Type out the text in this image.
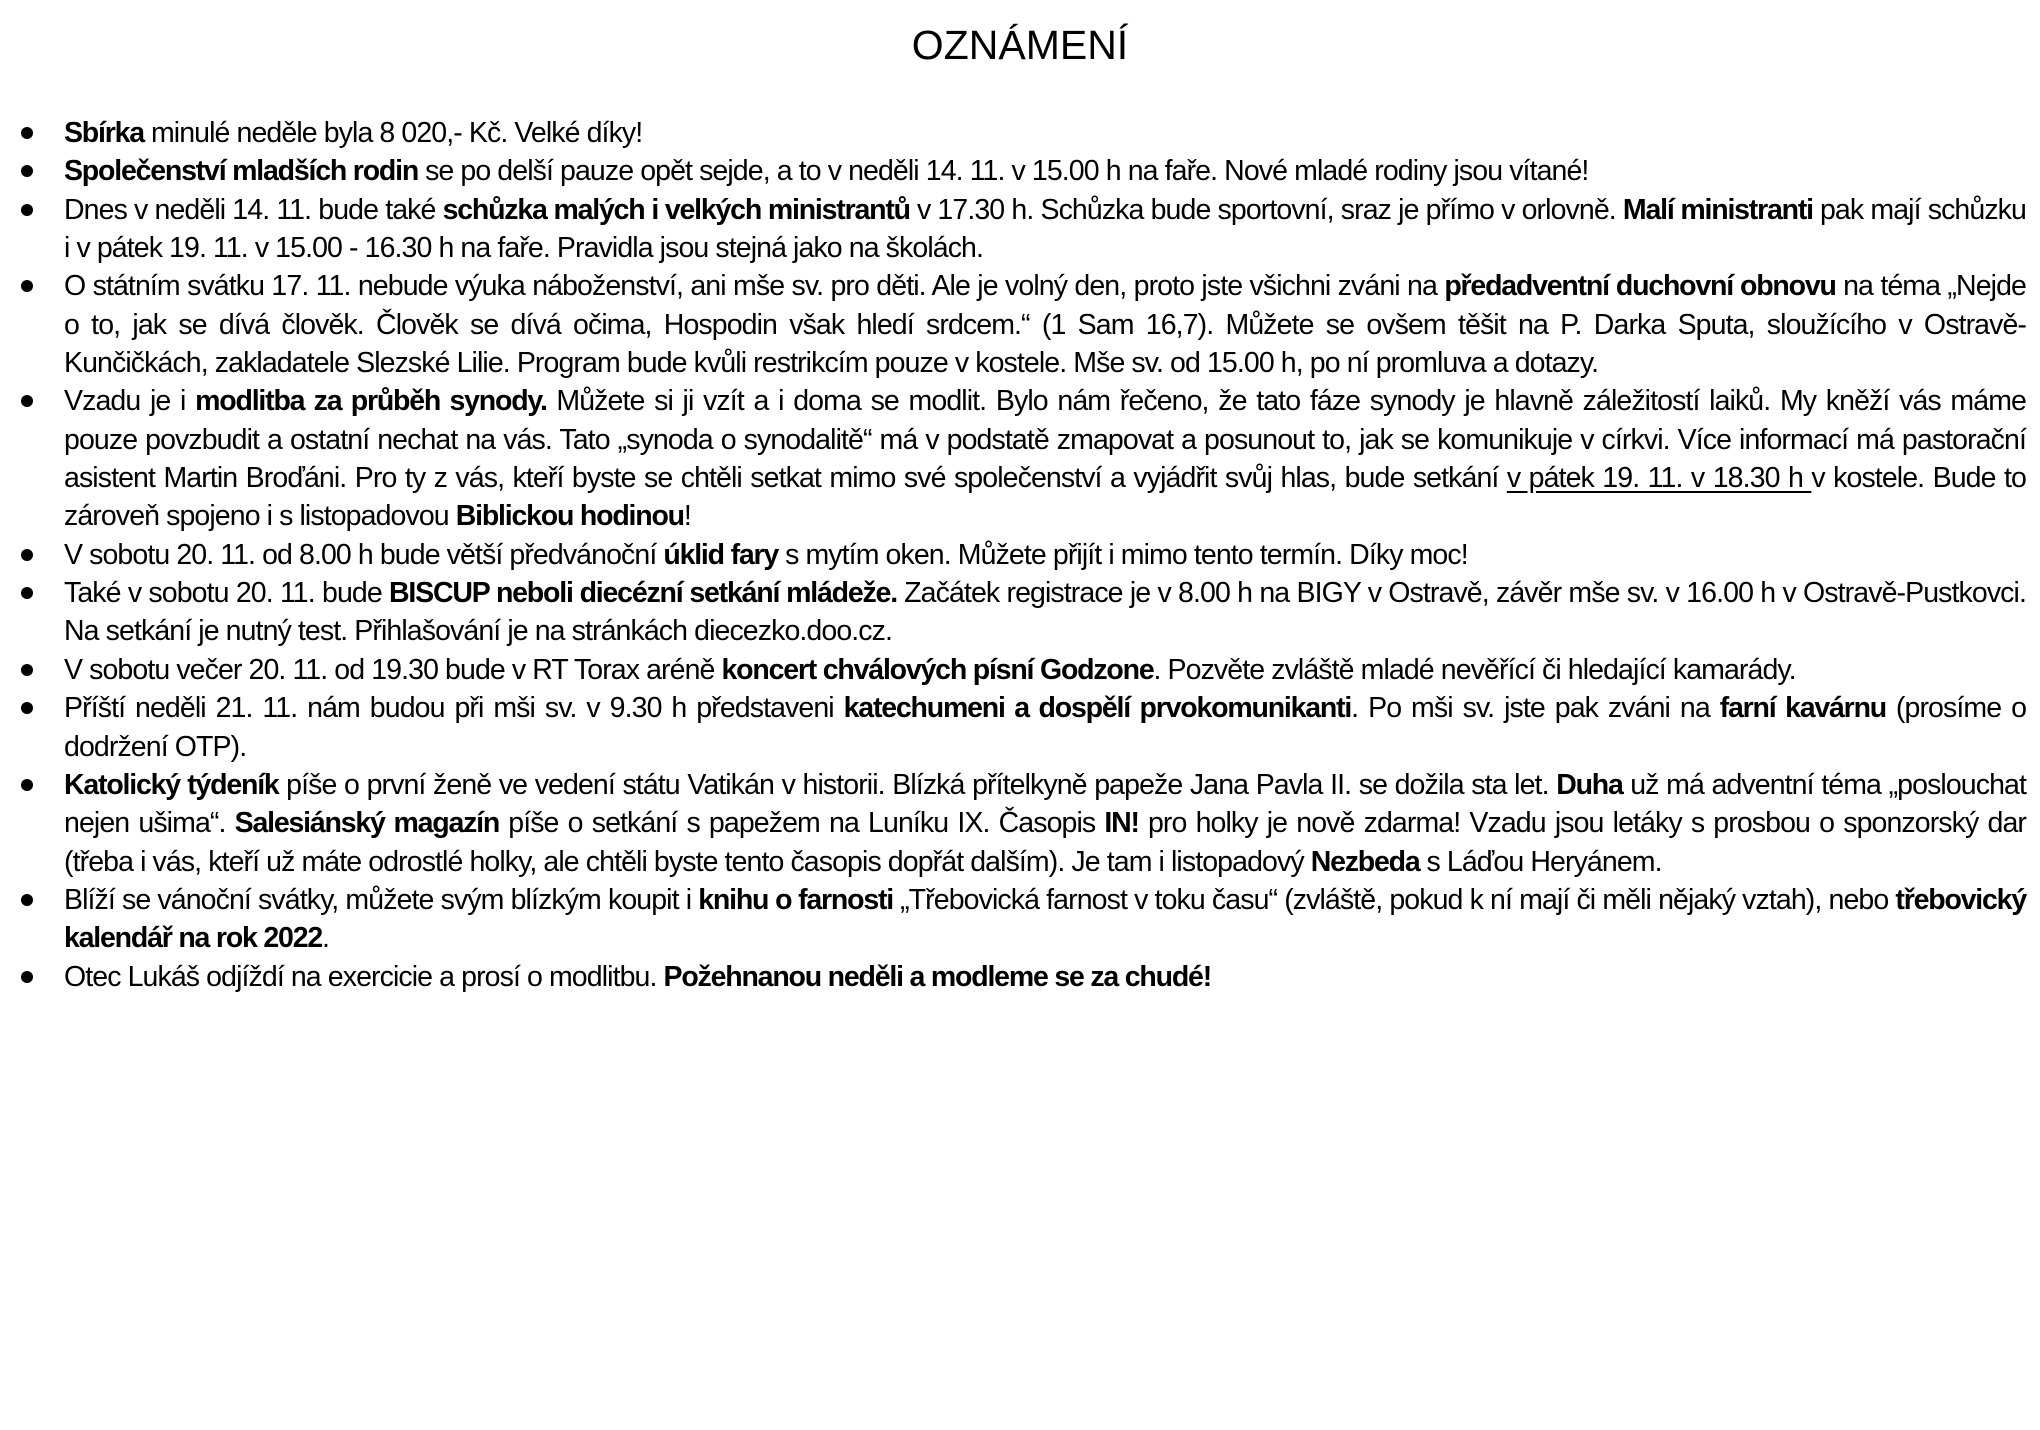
OZNÁMENÍ
Sbírka minulé neděle byla 8 020,- Kč. Velké díky!
Společenství mladších rodin se po delší pauze opět sejde, a to v neděli 14. 11. v 15.00 h na faře. Nové mladé rodiny jsou vítané!
Dnes v neděli 14. 11. bude také schůzka malých i velkých ministrantů v 17.30 h. Schůzka bude sportovní, sraz je přímo v orlovně. Malí ministranti pak mají schůzku i v pátek 19. 11. v 15.00 - 16.30 h na faře. Pravidla jsou stejná jako na školách.
O státním svátku 17. 11. nebude výuka náboženství, ani mše sv. pro děti. Ale je volný den, proto jste všichni zváni na předadventní duchovní obnovu na téma „Nejde o to, jak se dívá člověk. Člověk se dívá očima, Hospodin však hledí srdcem.“ (1 Sam 16,7). Můžete se ovšem těšit na P. Darka Sputa, sloužícího v Ostravě-Kunčičkách, zakladatele Slezské Lilie. Program bude kvůli restrikcím pouze v kostele. Mše sv. od 15.00 h, po ní promluva a dotazy.
Vzadu je i modlitba za průběh synody. Můžete si ji vzít a i doma se modlit. Bylo nám řečeno, že tato fáze synody je hlavně záležitostí laiků. My kněží vás máme pouze povzbudit a ostatní nechat na vás. Tato „synoda o synodalitě“ má v podstatě zmapovat a posunout to, jak se komunikuje v církvi. Více informací má pastorační asistent Martin Broďáni. Pro ty z vás, kteří byste se chtěli setkat mimo své společenství a vyjádřit svůj hlas, bude setkání v pátek 19. 11. v 18.30 h v kostele. Bude to zároveň spojeno i s listopadovou Biblickou hodinou!
V sobotu 20. 11. od 8.00 h bude větší předvánoční úklid fary s mytím oken. Můžete přijít i mimo tento termín. Díky moc!
Také v sobotu 20. 11. bude BISCUP neboli diecézní setkání mládeže. Začátek registrace je v 8.00 h na BIGY v Ostravě, závěr mše sv. v 16.00 h v Ostravě-Pustkovci. Na setkání je nutný test. Přihlašování je na stránkách diecezko.doo.cz.
V sobotu večer 20. 11. od 19.30 bude v RT Torax aréně koncert chválových písní Godzone. Pozvěte zvláště mladé nevěřící či hledající kamarády.
Příští neděli 21. 11. nám budou při mši sv. v 9.30 h představeni katechumeni a dospělí prvokomunikanti. Po mši sv. jste pak zváni na farní kavárnu (prosíme o dodržení OTP).
Katolický týdeník píše o první ženě ve vedení státu Vatikán v historii. Blízká přítelkyně papeže Jana Pavla II. se dožila sta let. Duha už má adventní téma „poslouchat nejen ušima“. Salesiánský magazín píše o setkání s papežem na Luníku IX. Časopis IN! pro holky je nově zdarma! Vzadu jsou letáky s prosbou o sponzorský dar (třeba i vás, kteří už máte odrostlé holky, ale chtěli byste tento časopis dopřát dalším). Je tam i listopadový Nezbeda s Láďou Heryánem.
Blíží se vánoční svátky, můžete svým blízkým koupit i knihu o farnosti „Třebovická farnost v toku času“ (zvláště, pokud k ní mají či měli nějaký vztah), nebo třebovický kalendář na rok 2022.
Otec Lukáš odjíždí na exercicie a prosí o modlitbu. Požehnanou neděli a modleme se za chudé!
